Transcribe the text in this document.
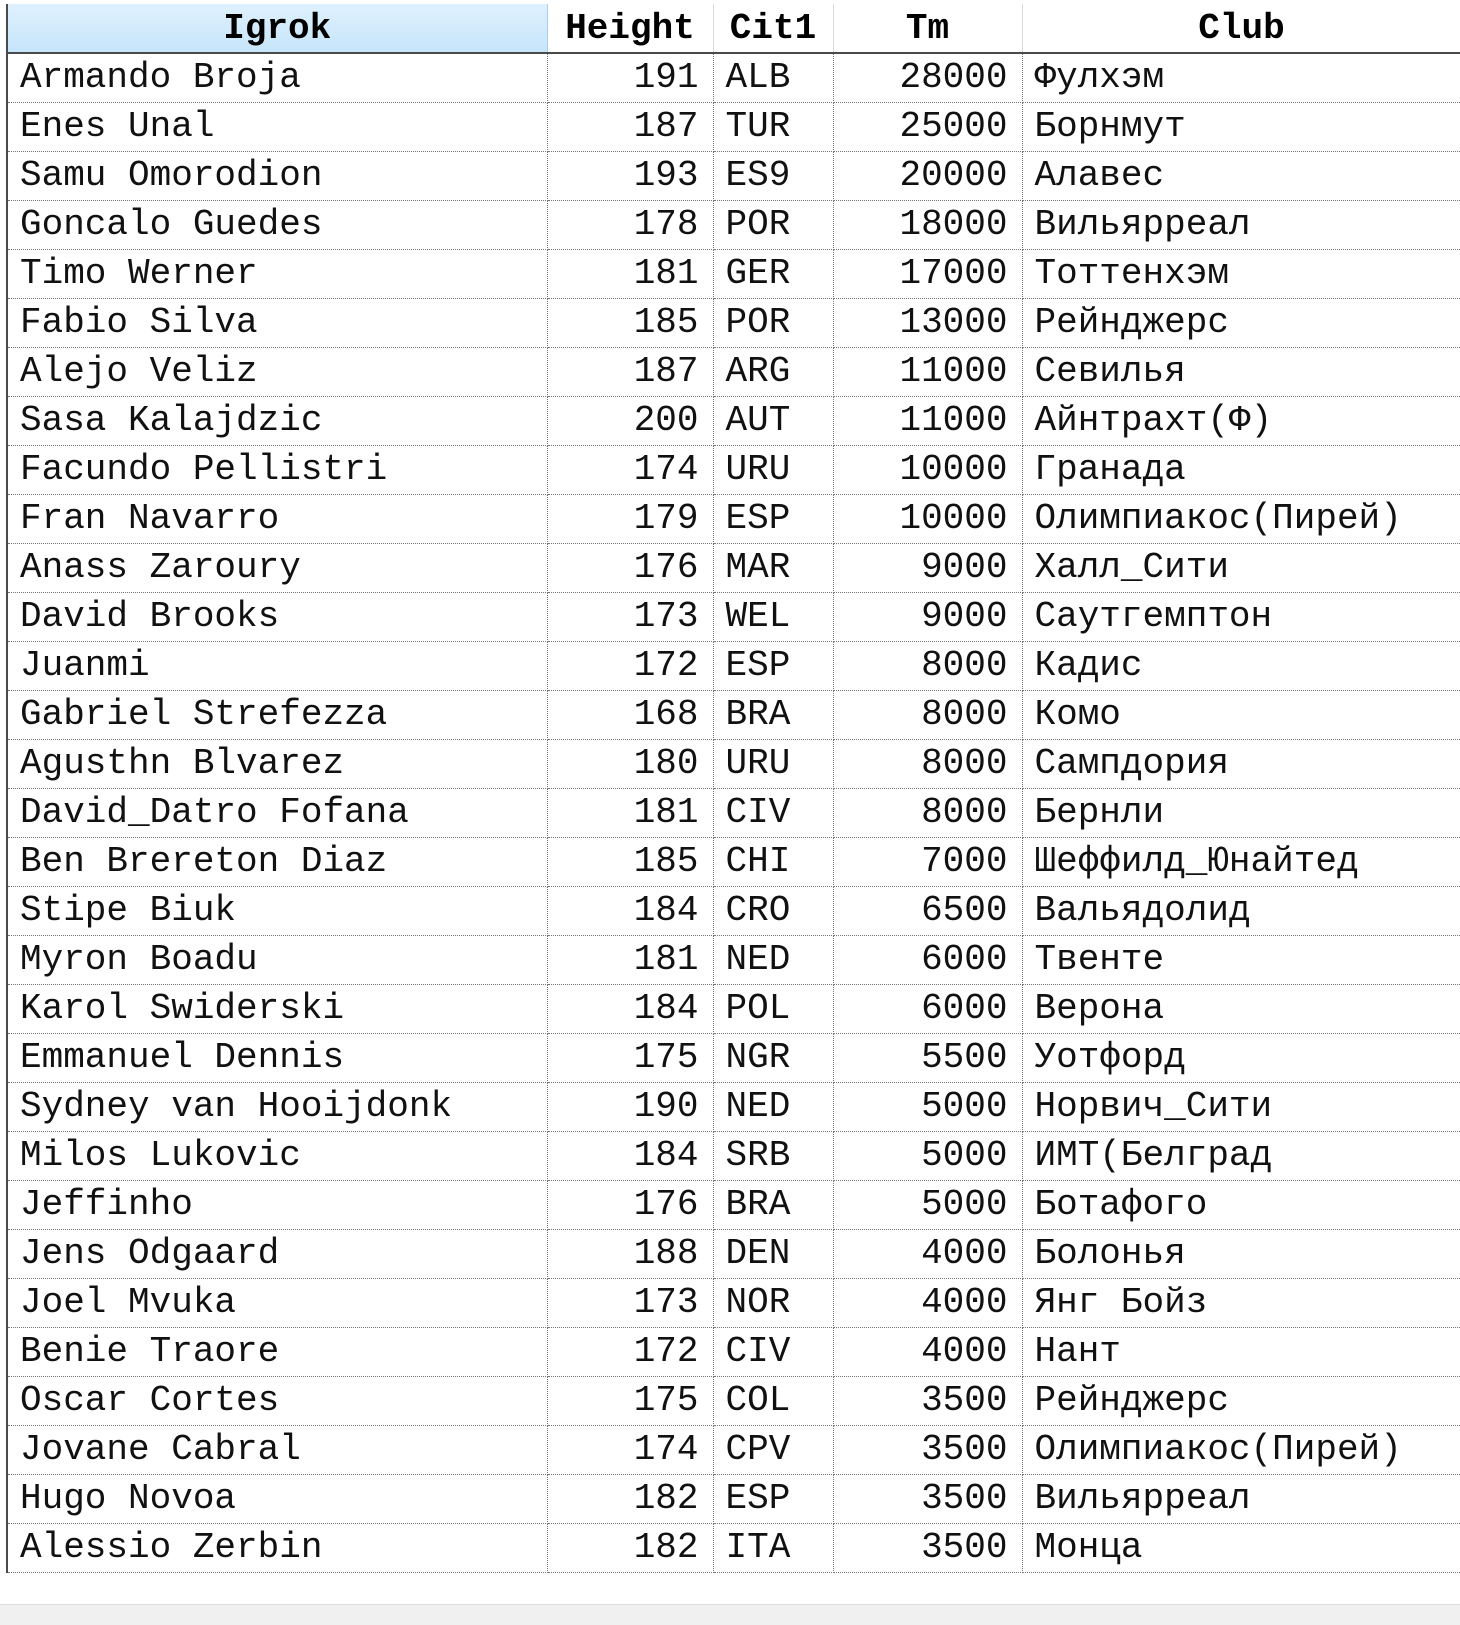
Igrok	Height	Cit1	Tm	Club
Armando Broja	191	ALB	28000	Фулхэм
Enes Unal	187	TUR	25000	Борнмут
Samu Omorodion	193	ES9	20000	Алавес
Goncalo Guedes	178	POR	18000	Вильярреал
Timo Werner	181	GER	17000	Тоттенхэм
Fabio Silva	185	POR	13000	Рейнджерс
Alejo Veliz	187	ARG	11000	Севилья
Sasa Kalajdzic	200	AUT	11000	Айнтрахт(Ф)
Facundo Pellistri	174	URU	10000	Гранада
Fran Navarro	179	ESP	10000	Олимпиакос(Пирей)
Anass Zaroury	176	MAR	9000	Халл_Сити
David Brooks	173	WEL	9000	Саутгемптон
Juanmi	172	ESP	8000	Кадис
Gabriel Strefezza	168	BRA	8000	Комо
Agusthn Blvarez	180	URU	8000	Сампдория
David_Datro Fofana	181	CIV	8000	Бернли
Ben Brereton Diaz	185	CHI	7000	Шеффилд_Юнайтед
Stipe Biuk	184	CRO	6500	Вальядолид
Myron Boadu	181	NED	6000	Твенте
Karol Swiderski	184	POL	6000	Верона
Emmanuel Dennis	175	NGR	5500	Уотфорд
Sydney van Hooijdonk	190	NED	5000	Норвич_Сити
Milos Lukovic	184	SRB	5000	ИМТ(Белград
Jeffinho	176	BRA	5000	Ботафого
Jens Odgaard	188	DEN	4000	Болонья
Joel Mvuka	173	NOR	4000	Янг Бойз
Benie Traore	172	CIV	4000	Нант
Oscar Cortes	175	COL	3500	Рейнджерс
Jovane Cabral	174	CPV	3500	Олимпиакос(Пирей)
Hugo Novoa	182	ESP	3500	Вильярреал
Alessio Zerbin	182	ITA	3500	Монца
